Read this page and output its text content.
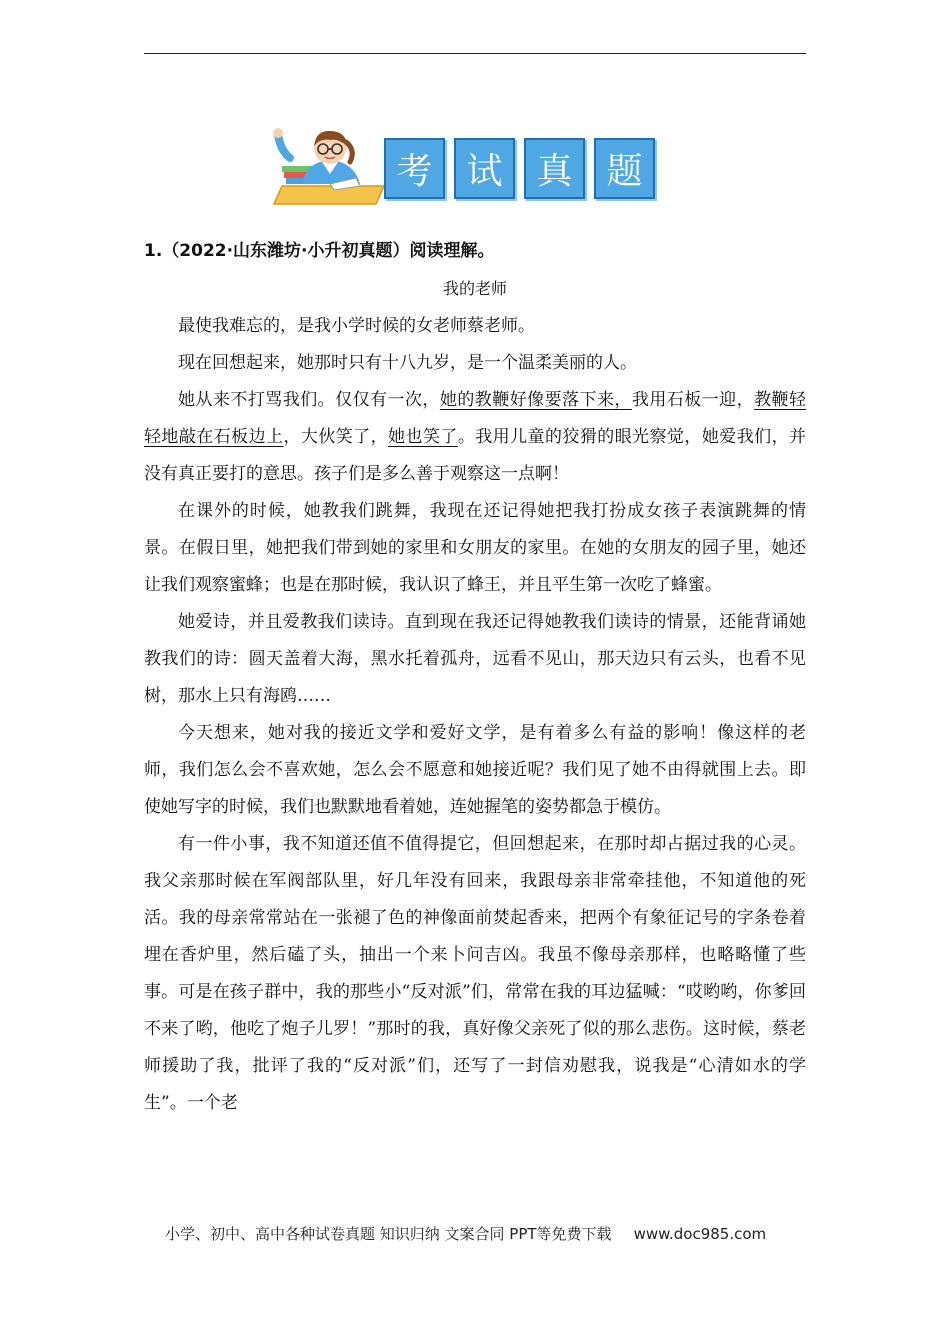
考 试 真 题
1.（2022·山东潍坊·小升初真题）阅读理解。
我的老师

最使我难忘的，是我小学时候的女老师蔡老师。

现在回想起来，她那时只有十八九岁，是一个温柔美丽的人。

她从来不打骂我们。仅仅有一次，她的教鞭好像要落下来，我用石板一迎，教鞭轻轻地敲在石板边上，大伙笑了，她也笑了。我用儿童的狡猾的眼光察觉，她爱我们，并没有真正要打的意思。孩子们是多么善于观察这一点啊！

在课外的时候，她教我们跳舞，我现在还记得她把我打扮成女孩子表演跳舞的情景。在假日里，她把我们带到她的家里和女朋友的家里。在她的女朋友的园子里，她还让我们观察蜜蜂；也是在那时候，我认识了蜂王，并且平生第一次吃了蜂蜜。

她爱诗，并且爱教我们读诗。直到现在我还记得她教我们读诗的情景，还能背诵她教我们的诗：圆天盖着大海，黑水托着孤舟，远看不见山，那天边只有云头，也看不见树，那水上只有海鸥……

今天想来，她对我的接近文学和爱好文学，是有着多么有益的影响！像这样的老师，我们怎么会不喜欢她，怎么会不愿意和她接近呢？我们见了她不由得就围上去。即使她写字的时候，我们也默默地看着她，连她握笔的姿势都急于模仿。

有一件小事，我不知道还值不值得提它，但回想起来，在那时却占据过我的心灵。我父亲那时候在军阀部队里，好几年没有回来，我跟母亲非常牵挂他，不知道他的死活。我的母亲常常站在一张褪了色的神像面前焚起香来，把两个有象征记号的字条卷着埋在香炉里，然后磕了头，抽出一个来卜问吉凶。我虽不像母亲那样，也略略懂了些事。可是在孩子群中，我的那些小“反对派”们，常常在我的耳边猛喊：“哎哟哟，你爹回不来了哟，他吃了炮子儿罗！”那时的我，真好像父亲死了似的那么悲伤。这时候，蔡老师援助了我，批评了我的“反对派”们，还写了一封信劝慰我，说我是“心清如水的学生”。一个老

小学、初中、高中各种试卷真题 知识归纳 文案合同 PPT等免费下载 www.doc985.com
